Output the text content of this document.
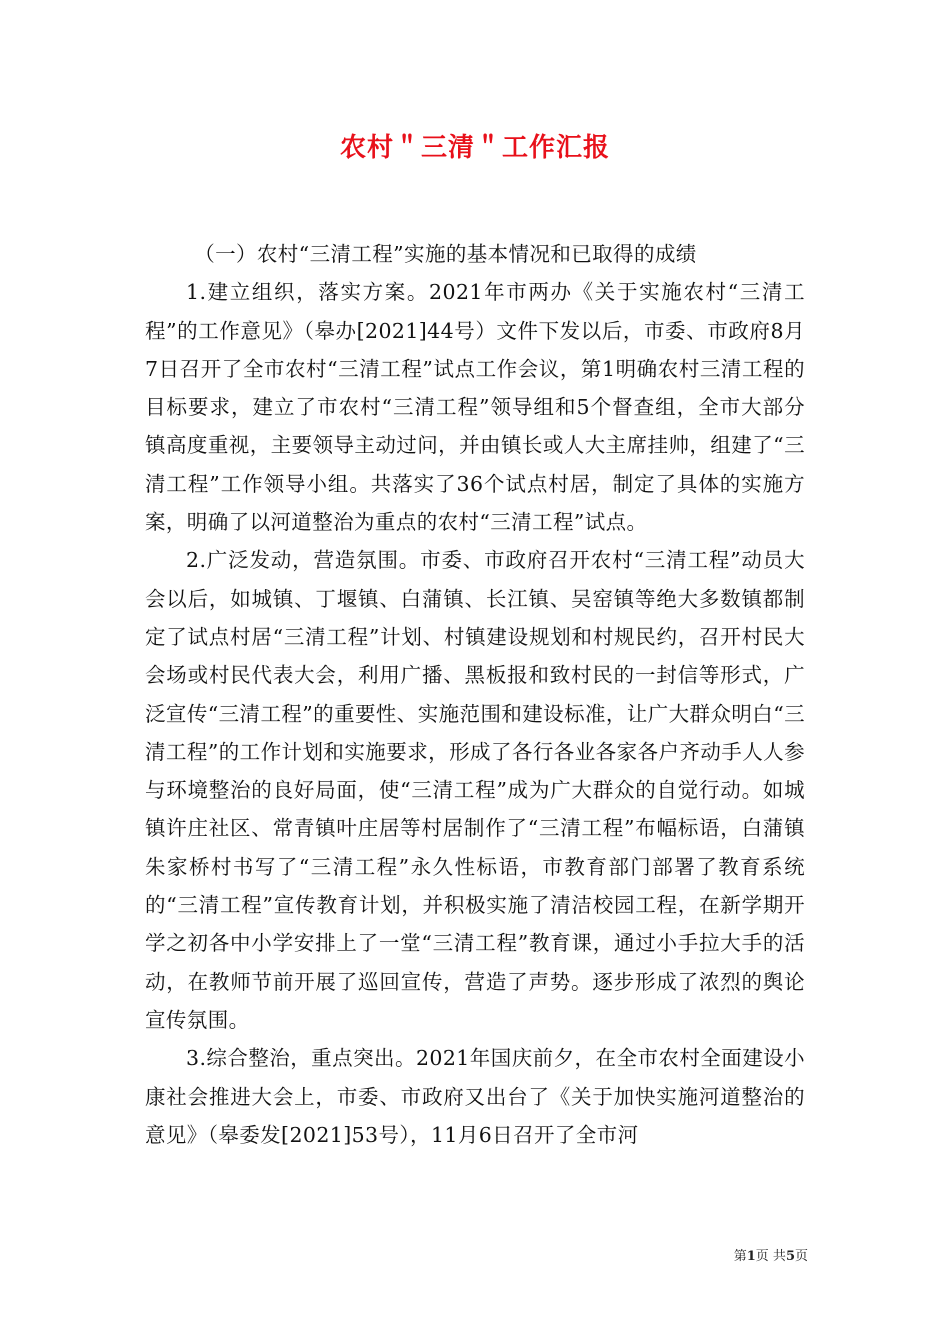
农村＂三清＂工作汇报

（一）农村“三清工程”实施的基本情况和已取得的成绩

1.建立组织，落实方案。2021年市两办《关于实施农村“三清工程”的工作意见》（皋办[2021]44号）文件下发以后，市委、市政府8月7日召开了全市农村“三清工程”试点工作会议，第1明确农村三清工程的目标要求，建立了市农村“三清工程”领导组和5个督查组，全市大部分镇高度重视，主要领导主动过问，并由镇长或人大主席挂帅，组建了“三清工程”工作领导小组。共落实了36个试点村居，制定了具体的实施方案，明确了以河道整治为重点的农村“三清工程”试点。

2.广泛发动，营造氛围。市委、市政府召开农村“三清工程”动员大会以后，如城镇、丁堰镇、白蒲镇、长江镇、吴窑镇等绝大多数镇都制定了试点村居“三清工程”计划、村镇建设规划和村规民约，召开村民大会场或村民代表大会，利用广播、黑板报和致村民的一封信等形式，广泛宣传“三清工程”的重要性、实施范围和建设标准，让广大群众明白“三清工程”的工作计划和实施要求，形成了各行各业各家各户齐动手人人参与环境整治的良好局面，使“三清工程”成为广大群众的自觉行动。如城镇许庄社区、常青镇叶庄居等村居制作了“三清工程”布幅标语，白蒲镇朱家桥村书写了“三清工程”永久性标语，市教育部门部署了教育系统的“三清工程”宣传教育计划，并积极实施了清洁校园工程，在新学期开学之初各中小学安排上了一堂“三清工程”教育课，通过小手拉大手的活动，在教师节前开展了巡回宣传，营造了声势。逐步形成了浓烈的舆论宣传氛围。

3.综合整治，重点突出。2021年国庆前夕，在全市农村全面建设小康社会推进大会上，市委、市政府又出台了《关于加快实施河道整治的意见》（皋委发[2021]53号），11月6日召开了全市河

第1页 共5页
